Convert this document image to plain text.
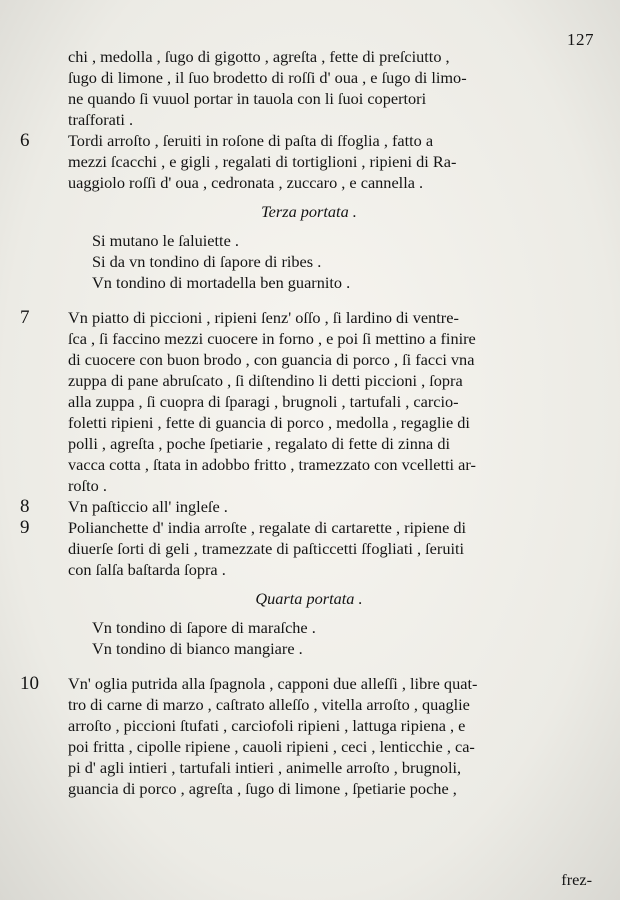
127
chi , medolla , ſugo di gigotto , agreſta , fette di preſciutto ,
ſugo di limone , il ſuo brodetto di roſſi d' oua , e ſugo di limo-
ne quando ſi vuuol portar in tauola con li ſuoi copertori
traſforati .
6 Tordi arroſto , ſeruiti in roſone di paſta di ſfoglia , fatto a
mezzi ſcacchi , e gigli , regalati di tortiglioni , ripieni di Ra-
uaggiolo roſſi d' oua , cedronata , zuccaro , e cannella .
Terza portata .
Si mutano le ſaluiette .
Si da vn tondino di ſapore di ribes .
Vn tondino di mortadella ben guarnito .
7 Vn piatto di piccioni , ripieni ſenz' oſſo , ſi lardino di ventre-
ſca , ſi faccino mezzi cuocere in forno , e poi ſi mettino a finire
di cuocere con buon brodo , con guancia di porco , ſi facci vna
zuppa di pane abruſcato , ſi diſtendino li detti piccioni , ſopra
alla zuppa , ſi cuopra di ſparagi , brugnoli , tartufali , carcio-
foletti ripieni , fette di guancia di porco , medolla , regaglie di
polli , agreſta , poche ſpetiarie , regalato di fette di zinna di
vacca cotta , ſtata in adobbo fritto , tramezzato con vcelletti ar-
roſto .
8 Vn paſticcio all' ingleſe .
9 Polianchette d' india arroſte , regalate di cartarette , ripiene di
diuerſe ſorti di geli , tramezzate di paſticcetti ſfogliati , ſeruiti
con ſalſa baſtarda ſopra .
Quarta portata .
Vn tondino di ſapore di maraſche .
Vn tondino di bianco mangiare .
10 Vn' oglia putrida alla ſpagnola , capponi due alleſſi , libre quat-
tro di carne di marzo , caſtrato alleſſo , vitella arroſto , quaglie
arroſto , piccioni ſtufati , carciofoli ripieni , lattuga ripiena , e
poi fritta , cipolle ripiene , cauoli ripieni , ceci , lenticchie , ca-
pi d' agli intieri , tartufali intieri , animelle arroſto , brugnoli,
guancia di porco , agreſta , ſugo di limone , ſpetiarie poche ,
frez-
